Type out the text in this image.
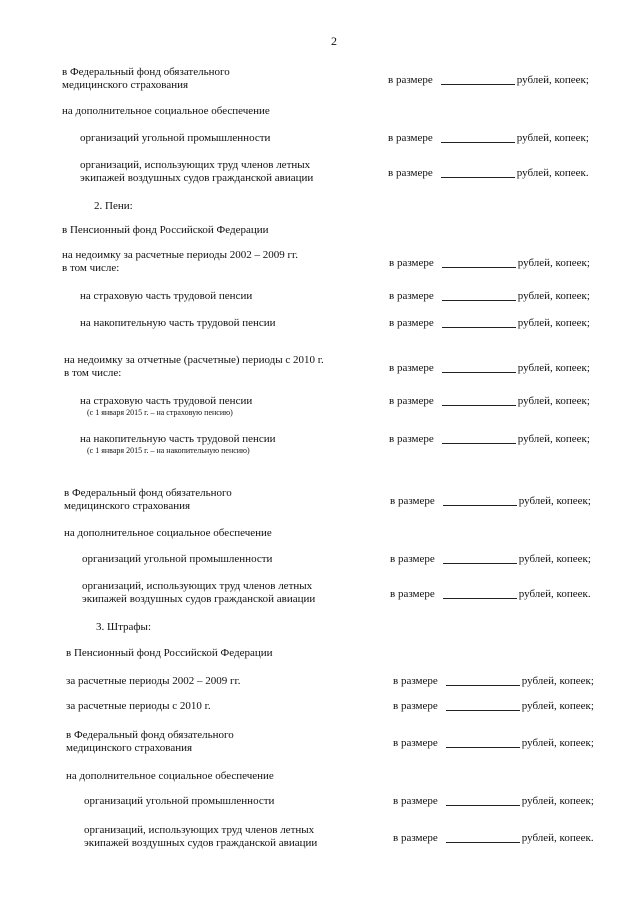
2
в Федеральный фонд обязательного
медицинского страхования	в размере	рублей, копеек;
на дополнительное социальное обеспечение
организаций угольной промышленности	в размере	рублей, копеек;
организаций, использующих труд членов летных
экипажей воздушных судов гражданской авиации	в размере	рублей, копеек.
2. Пени:
в Пенсионный фонд Российской Федерации
на недоимку за расчетные периоды 2002 – 2009 гг.
в том числе:	в размере	рублей, копеек;
на страховую часть трудовой пенсии	в размере	рублей, копеек;
на накопительную часть трудовой пенсии	в размере	рублей, копеек;
на недоимку за отчетные (расчетные) периоды с 2010 г.
в том числе:	в размере	рублей, копеек;
на страховую часть трудовой пенсии
(с 1 января 2015 г. – на страховую пенсию)
в размере	рублей, копеек;
на накопительную часть трудовой пенсии
(с 1 января 2015 г. – на накопительную пенсию)
в размере	рублей, копеек;
в Федеральный фонд обязательного
медицинского страхования	в размере	рублей, копеек;
на дополнительное социальное обеспечение
организаций угольной промышленности	в размере	рублей, копеек;
организаций, использующих труд членов летных
экипажей воздушных судов гражданской авиации	в размере	рублей, копеек.
3. Штрафы:
в Пенсионный фонд Российской Федерации
за расчетные периоды 2002 – 2009 гг.	в размере	рублей, копеек;
за расчетные периоды с 2010 г.	в размере	рублей, копеек;
в Федеральный фонд обязательного
медицинского страхования	в размере	рублей, копеек;
на дополнительное социальное обеспечение
организаций угольной промышленности	в размере	рублей, копеек;
организаций, использующих труд членов летных
экипажей воздушных судов гражданской авиации	в размере	рублей, копеек.
